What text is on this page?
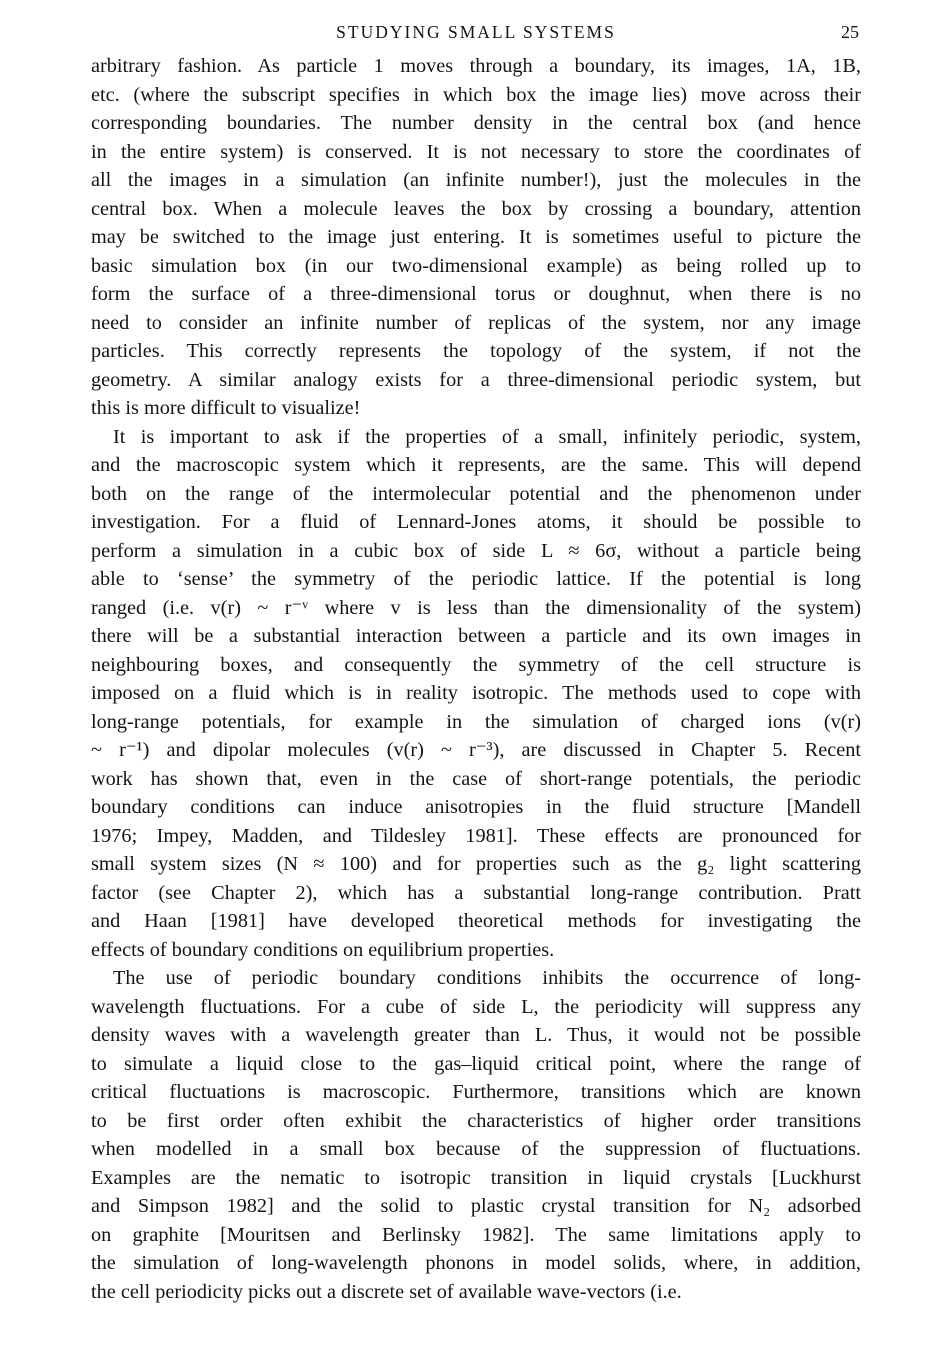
STUDYING SMALL SYSTEMS	25
arbitrary fashion. As particle 1 moves through a boundary, its images, 1A, 1B,
etc. (where the subscript specifies in which box the image lies) move across their
corresponding boundaries. The number density in the central box (and hence
in the entire system) is conserved. It is not necessary to store the coordinates of
all the images in a simulation (an infinite number!), just the molecules in the
central box. When a molecule leaves the box by crossing a boundary, attention
may be switched to the image just entering. It is sometimes useful to picture the
basic simulation box (in our two-dimensional example) as being rolled up to
form the surface of a three-dimensional torus or doughnut, when there is no
need to consider an infinite number of replicas of the system, nor any image
particles. This correctly represents the topology of the system, if not the
geometry. A similar analogy exists for a three-dimensional periodic system, but
this is more difficult to visualize!
It is important to ask if the properties of a small, infinitely periodic, system,
and the macroscopic system which it represents, are the same. This will depend
both on the range of the intermolecular potential and the phenomenon under
investigation. For a fluid of Lennard-Jones atoms, it should be possible to
perform a simulation in a cubic box of side L ≈ 6σ, without a particle being
able to ‘sense’ the symmetry of the periodic lattice. If the potential is long
ranged (i.e. v(r) ~ r⁻ᵛ where v is less than the dimensionality of the system)
there will be a substantial interaction between a particle and its own images in
neighbouring boxes, and consequently the symmetry of the cell structure is
imposed on a fluid which is in reality isotropic. The methods used to cope with
long-range potentials, for example in the simulation of charged ions (v(r)
~ r⁻¹) and dipolar molecules (v(r) ~ r⁻³), are discussed in Chapter 5. Recent
work has shown that, even in the case of short-range potentials, the periodic
boundary conditions can induce anisotropies in the fluid structure [Mandell
1976; Impey, Madden, and Tildesley 1981]. These effects are pronounced for
small system sizes (N ≈ 100) and for properties such as the g₂ light scattering
factor (see Chapter 2), which has a substantial long-range contribution. Pratt
and Haan [1981] have developed theoretical methods for investigating the
effects of boundary conditions on equilibrium properties.
The use of periodic boundary conditions inhibits the occurrence of long-
wavelength fluctuations. For a cube of side L, the periodicity will suppress any
density waves with a wavelength greater than L. Thus, it would not be possible
to simulate a liquid close to the gas–liquid critical point, where the range of
critical fluctuations is macroscopic. Furthermore, transitions which are known
to be first order often exhibit the characteristics of higher order transitions
when modelled in a small box because of the suppression of fluctuations.
Examples are the nematic to isotropic transition in liquid crystals [Luckhurst
and Simpson 1982] and the solid to plastic crystal transition for N₂ adsorbed
on graphite [Mouritsen and Berlinsky 1982]. The same limitations apply to
the simulation of long-wavelength phonons in model solids, where, in addition,
the cell periodicity picks out a discrete set of available wave-vectors (i.e.
